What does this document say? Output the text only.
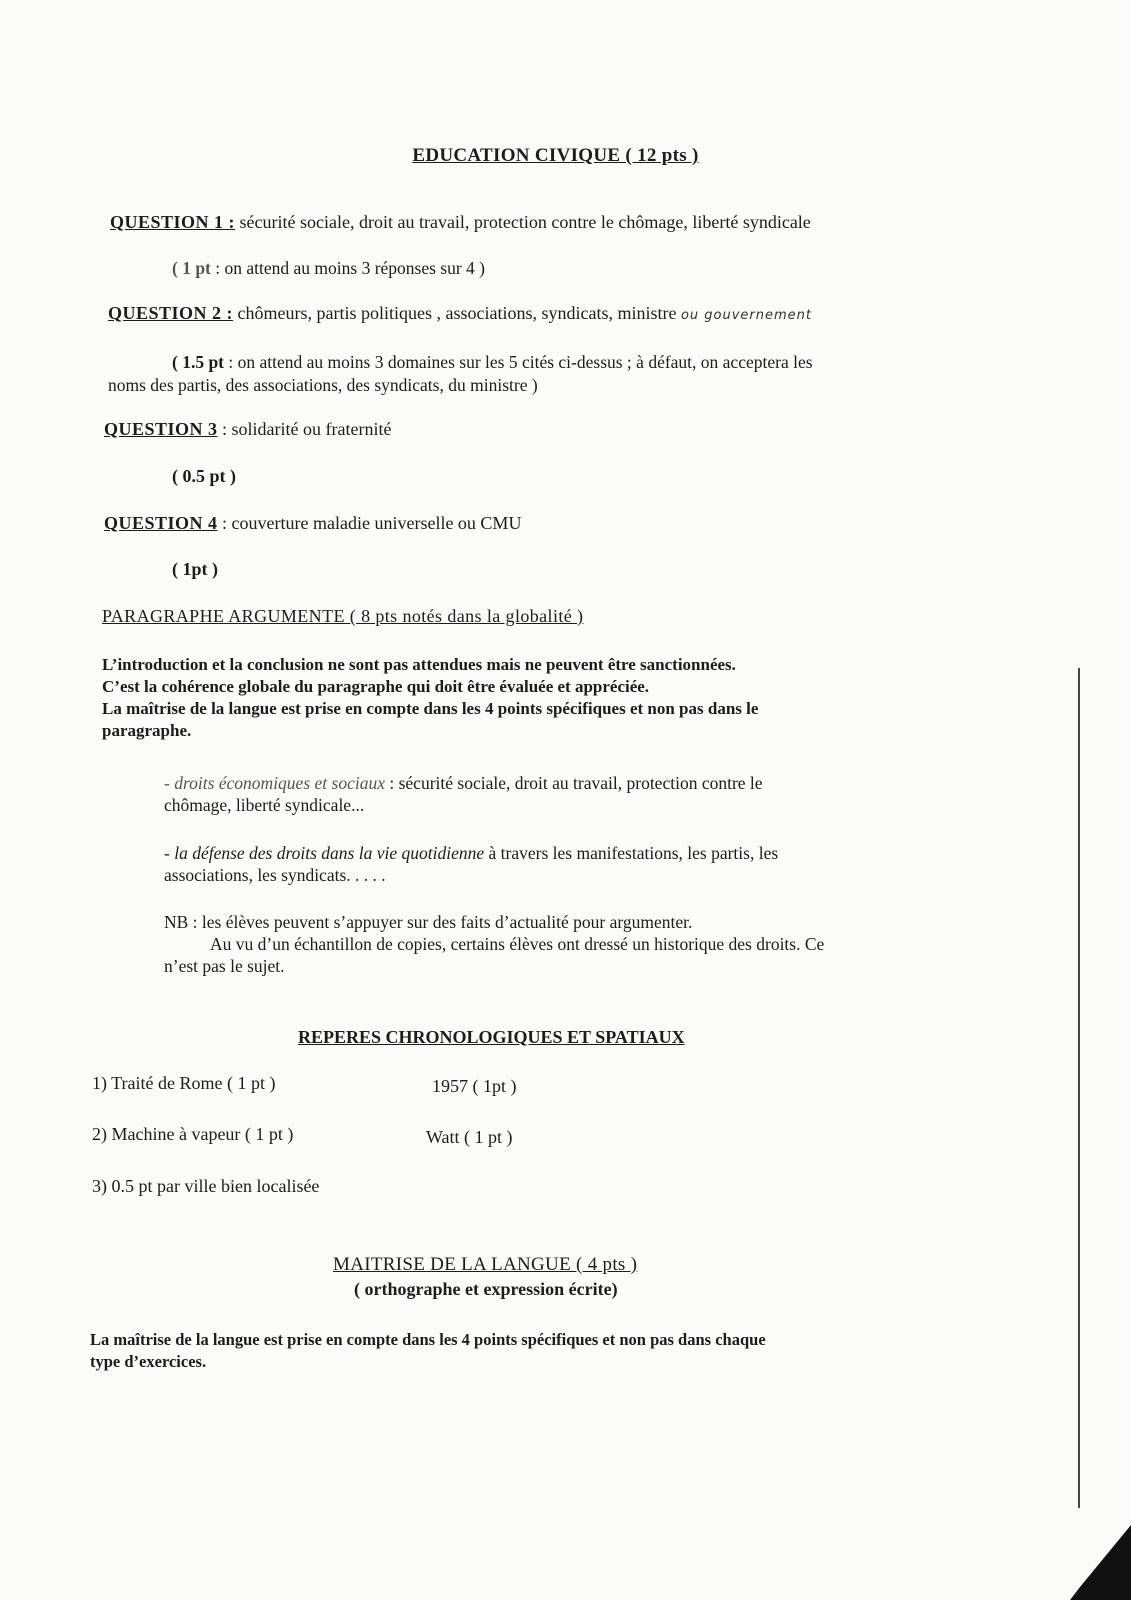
EDUCATION CIVIQUE ( 12 pts )
QUESTION 1 : sécurité sociale, droit au travail, protection contre le chômage, liberté syndicale
( 1 pt : on attend au moins 3 réponses sur 4 )
QUESTION 2 : chômeurs, partis politiques , associations, syndicats, ministre ou gouvernement
( 1.5 pt : on attend au moins 3 domaines sur les 5 cités ci-dessus ; à défaut, on acceptera les
noms des partis, des associations, des syndicats, du ministre )
QUESTION 3 : solidarité ou fraternité
( 0.5 pt )
QUESTION 4 : couverture maladie universelle ou CMU
( 1pt )
PARAGRAPHE ARGUMENTE ( 8 pts notés dans la globalité )
L’introduction et la conclusion ne sont pas attendues mais ne peuvent être sanctionnées.
C’est la cohérence globale du paragraphe qui doit être évaluée et appréciée.
La maîtrise de la langue est prise en compte dans les 4 points spécifiques et non pas dans le
paragraphe.
- droits économiques et sociaux : sécurité sociale, droit au travail, protection contre le
chômage, liberté syndicale...
- la défense des droits dans la vie quotidienne à travers les manifestations, les partis, les
associations, les syndicats. . . . .
NB : les élèves peuvent s’appuyer sur des faits d’actualité pour argumenter.
Au vu d’un échantillon de copies, certains élèves ont dressé un historique des droits. Ce
n’est pas le sujet.
REPERES CHRONOLOGIQUES ET SPATIAUX
1) Traité de Rome ( 1 pt )	1957 ( 1pt )
2) Machine à vapeur ( 1 pt )	Watt ( 1 pt )
3) 0.5 pt par ville bien localisée
MAITRISE DE LA LANGUE ( 4 pts )
( orthographe et expression écrite)
La maîtrise de la langue est prise en compte dans les 4 points spécifiques et non pas dans chaque
type d’exercices.
